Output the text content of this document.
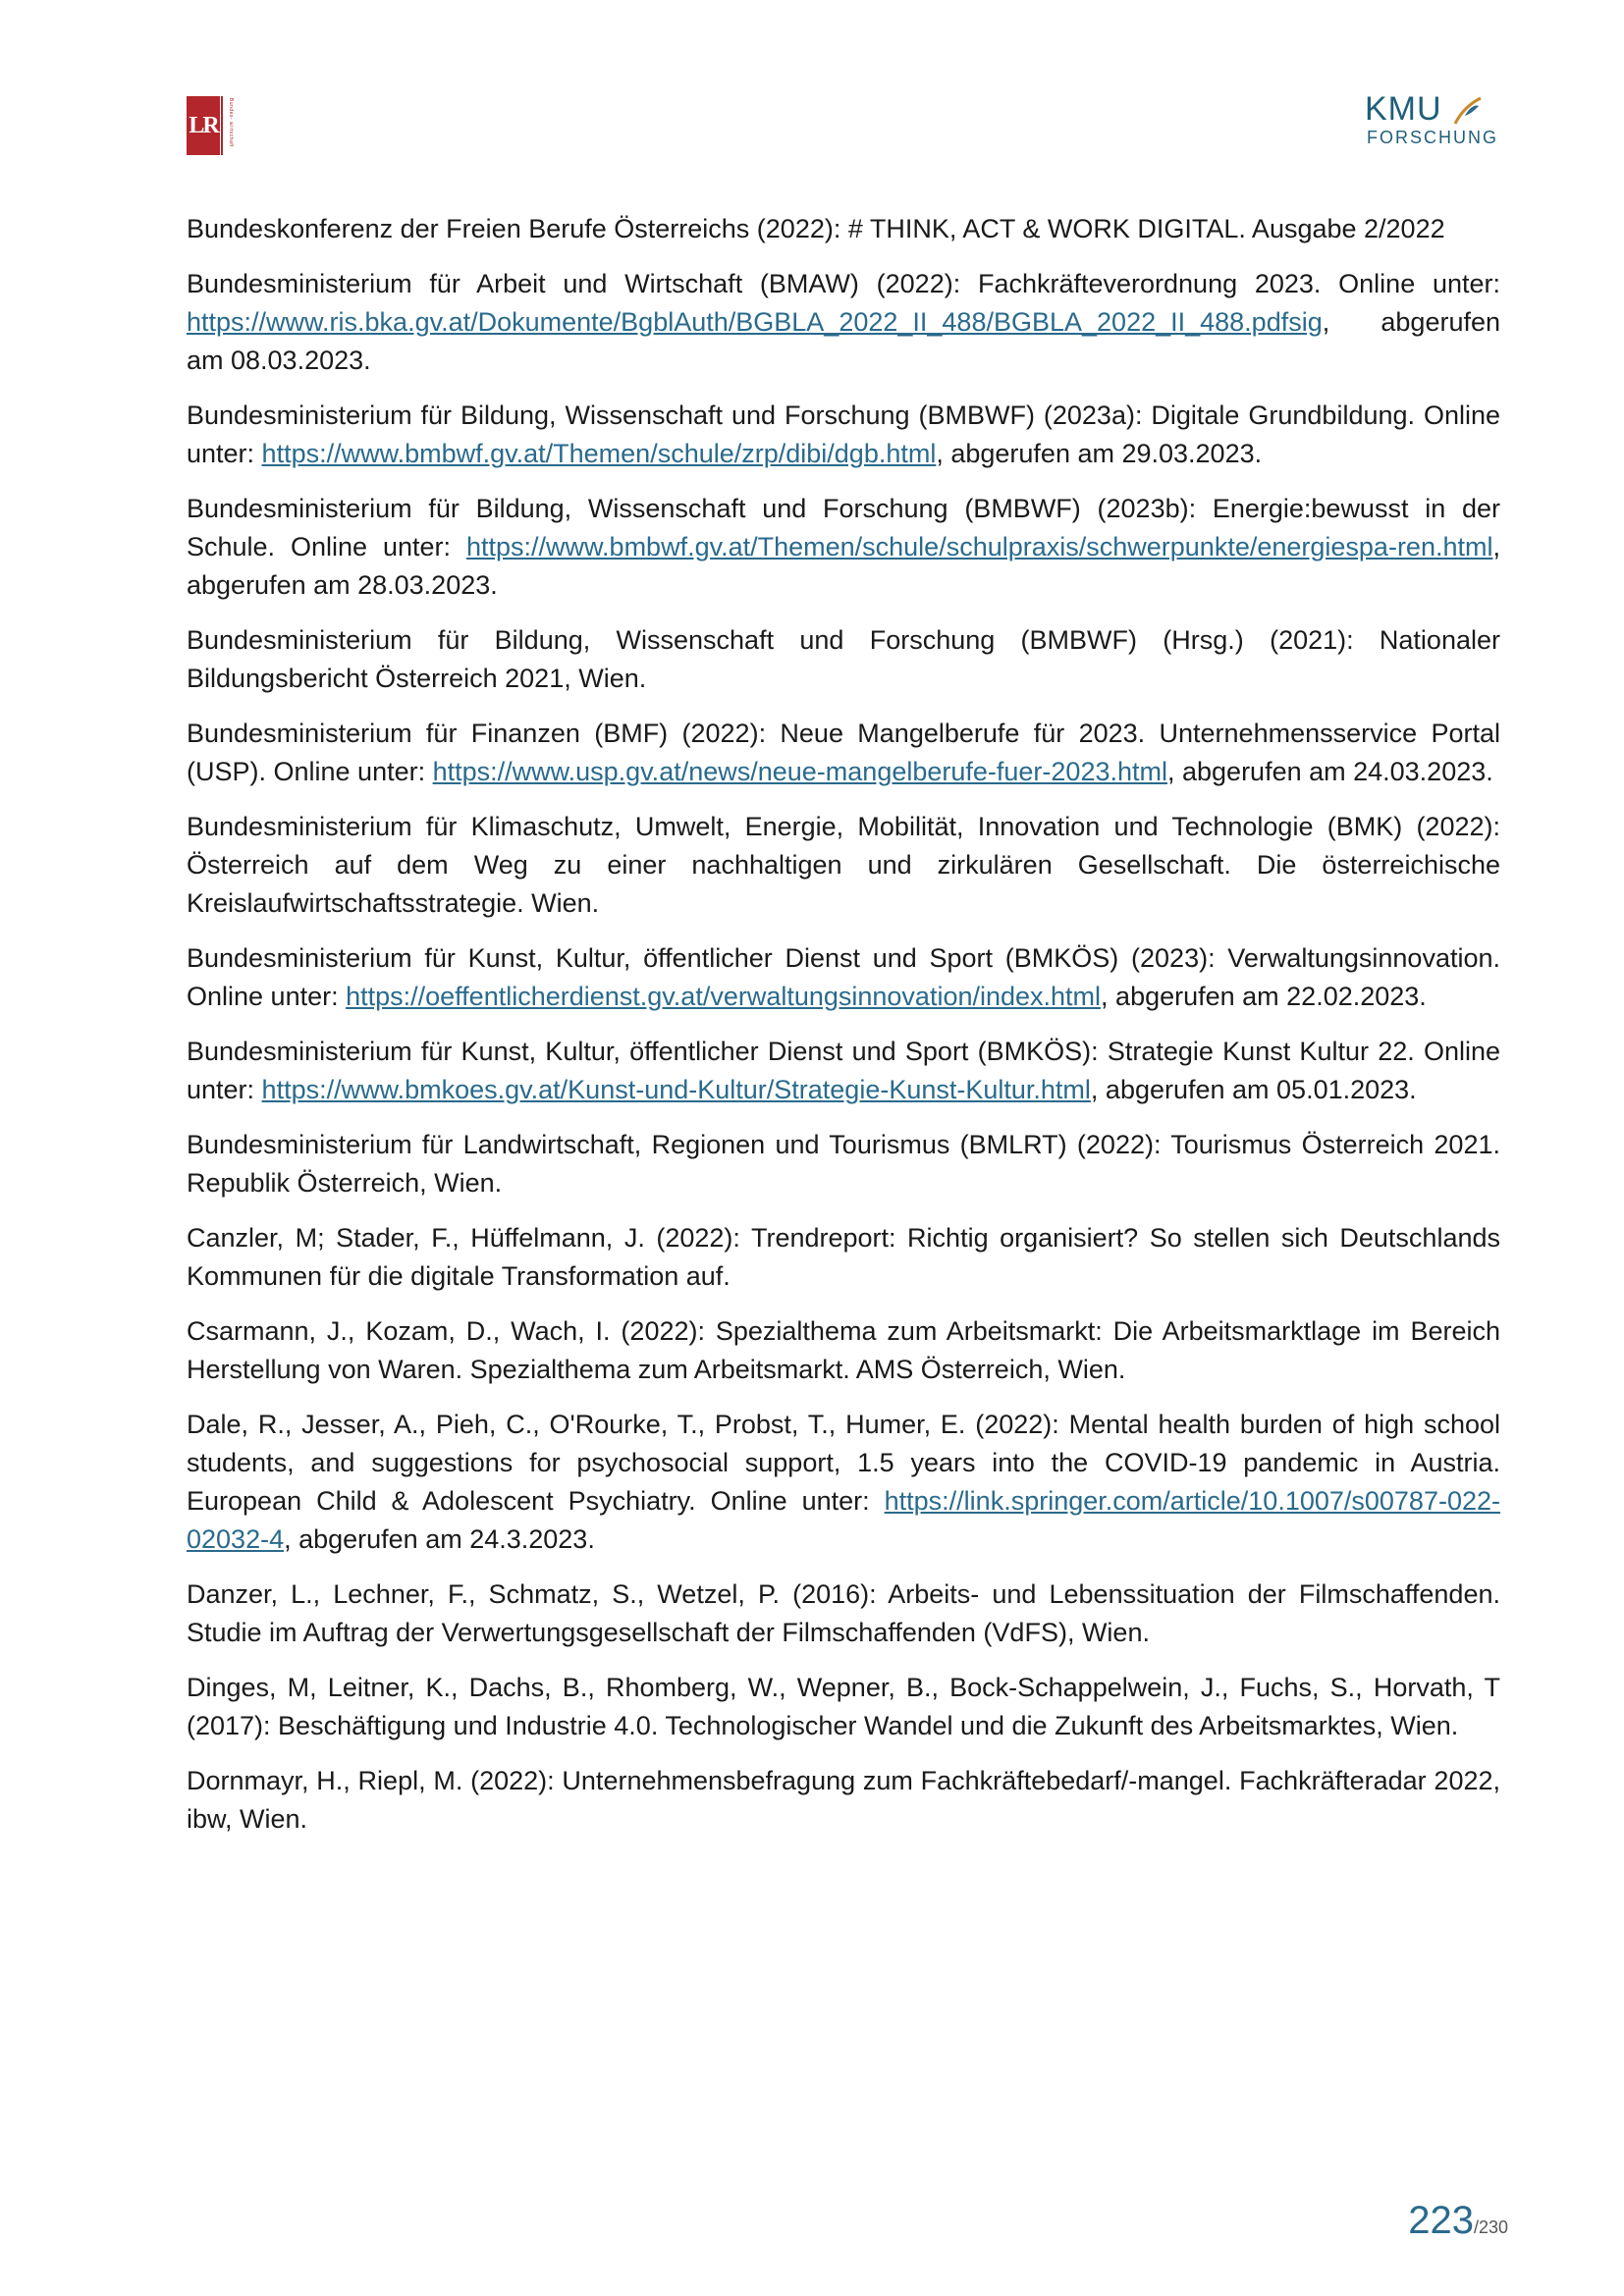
LR	Bundes- wirtschaft	KMU
FORSCHUNG

Bundeskonferenz der Freien Berufe Österreichs (2022): # THINK, ACT & WORK DIGITAL. Ausgabe 2/2022

Bundesministerium für Arbeit und Wirtschaft (BMAW) (2022): Fachkräfteverordnung 2023. Online unter: https://www.ris.bka.gv.at/Dokumente/BgblAuth/BGBLA_2022_II_488/BGBLA_2022_II_488.pdfsig, abgerufen am 08.03.2023.

Bundesministerium für Bildung, Wissenschaft und Forschung (BMBWF) (2023a): Digitale Grundbildung. Online unter: https://www.bmbwf.gv.at/Themen/schule/zrp/dibi/dgb.html, abgerufen am 29.03.2023.

Bundesministerium für Bildung, Wissenschaft und Forschung (BMBWF) (2023b): Energie:bewusst in der Schule. Online unter: https://www.bmbwf.gv.at/Themen/schule/schulpraxis/schwerpunkte/energiespa-ren.html, abgerufen am 28.03.2023.

Bundesministerium für Bildung, Wissenschaft und Forschung (BMBWF) (Hrsg.) (2021): Nationaler Bildungsbericht Österreich 2021, Wien.

Bundesministerium für Finanzen (BMF) (2022): Neue Mangelberufe für 2023. Unternehmensservice Portal (USP). Online unter: https://www.usp.gv.at/news/neue-mangelberufe-fuer-2023.html, abgerufen am 24.03.2023.

Bundesministerium für Klimaschutz, Umwelt, Energie, Mobilität, Innovation und Technologie (BMK) (2022): Österreich auf dem Weg zu einer nachhaltigen und zirkulären Gesellschaft. Die österreichische Kreislaufwirtschaftsstrategie. Wien.

Bundesministerium für Kunst, Kultur, öffentlicher Dienst und Sport (BMKÖS) (2023): Verwaltungsinnovation. Online unter: https://oeffentlicherdienst.gv.at/verwaltungsinnovation/index.html, abgerufen am 22.02.2023.

Bundesministerium für Kunst, Kultur, öffentlicher Dienst und Sport (BMKÖS): Strategie Kunst Kultur 22. Online unter: https://www.bmkoes.gv.at/Kunst-und-Kultur/Strategie-Kunst-Kultur.html, abgerufen am 05.01.2023.

Bundesministerium für Landwirtschaft, Regionen und Tourismus (BMLRT) (2022): Tourismus Österreich 2021. Republik Österreich, Wien.

Canzler, M; Stader, F., Hüffelmann, J. (2022): Trendreport: Richtig organisiert? So stellen sich Deutschlands Kommunen für die digitale Transformation auf.

Csarmann, J., Kozam, D., Wach, I. (2022): Spezialthema zum Arbeitsmarkt: Die Arbeitsmarktlage im Bereich Herstellung von Waren. Spezialthema zum Arbeitsmarkt. AMS Österreich, Wien.

Dale, R., Jesser, A., Pieh, C., O'Rourke, T., Probst, T., Humer, E. (2022): Mental health burden of high school students, and suggestions for psychosocial support, 1.5 years into the COVID-19 pandemic in Austria. European Child & Adolescent Psychiatry. Online unter: https://link.springer.com/article/10.1007/s00787-022-02032-4, abgerufen am 24.3.2023.

Danzer, L., Lechner, F., Schmatz, S., Wetzel, P. (2016): Arbeits- und Lebenssituation der Filmschaffenden. Studie im Auftrag der Verwertungsgesellschaft der Filmschaffenden (VdFS), Wien.

Dinges, M, Leitner, K., Dachs, B., Rhomberg, W., Wepner, B., Bock-Schappelwein, J., Fuchs, S., Horvath, T (2017): Beschäftigung und Industrie 4.0. Technologischer Wandel und die Zukunft des Arbeitsmarktes, Wien.

Dornmayr, H., Riepl, M. (2022): Unternehmensbefragung zum Fachkräftebedarf/-mangel. Fachkräfteradar 2022, ibw, Wien.

223/230
